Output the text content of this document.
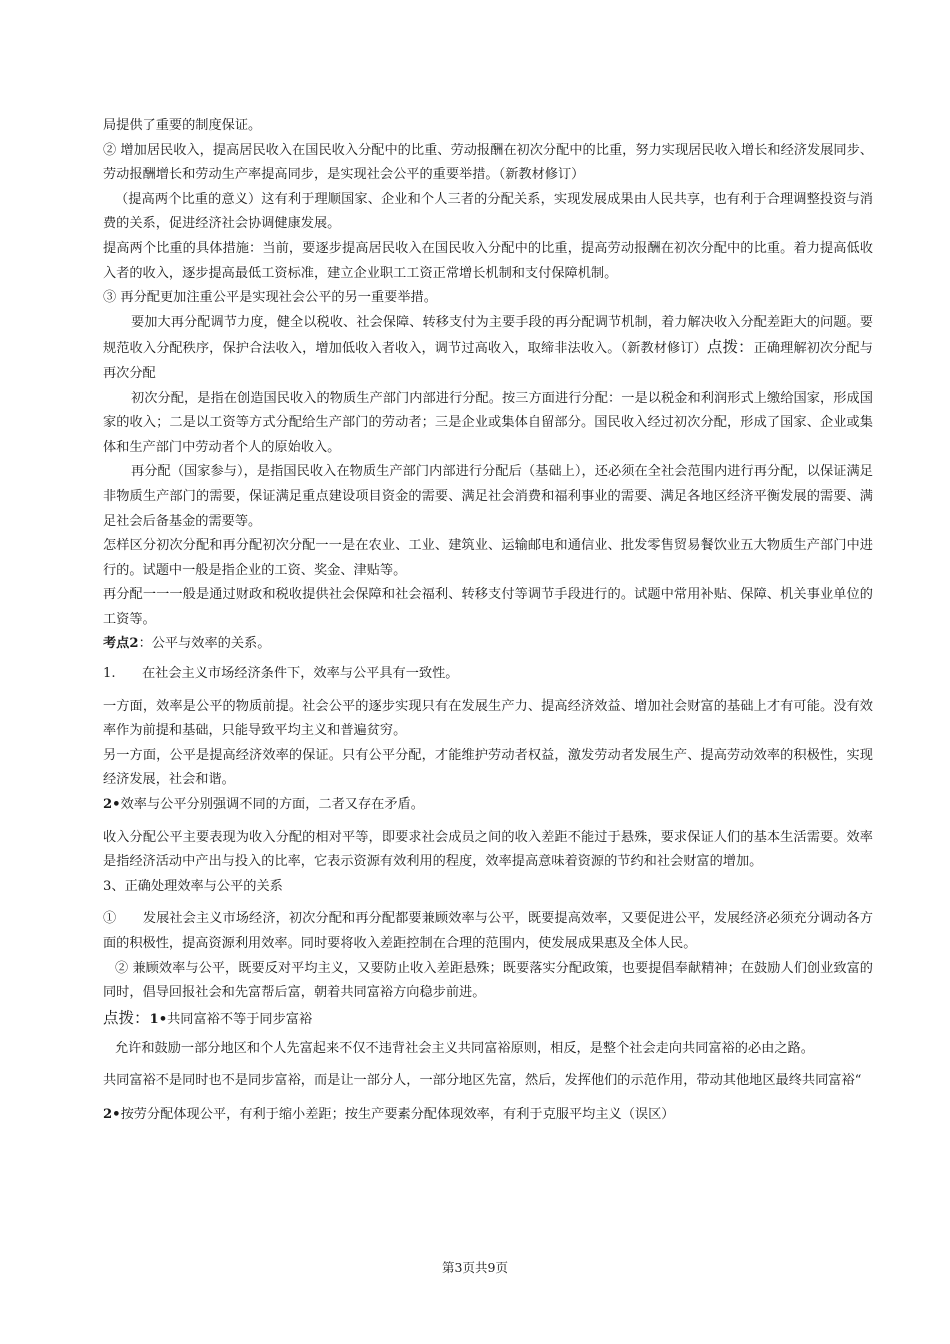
局提供了重要的制度保证。

② 增加居民收入，提高居民收入在国民收入分配中的比重、劳动报酬在初次分配中的比重，努力实现居民收入增长和经济发展同步、劳动报酬增长和劳动生产率提高同步，是实现社会公平的重要举措。（新教材修订）

（提高两个比重的意义）这有利于理顺国家、企业和个人三者的分配关系，实现发展成果由人民共享，也有利于合理调整投资与消费的关系，促进经济社会协调健康发展。

提高两个比重的具体措施：当前，要逐步提高居民收入在国民收入分配中的比重，提高劳动报酬在初次分配中的比重。着力提高低收入者的收入，逐步提高最低工资标准，建立企业职工工资正常增长机制和支付保障机制。

③ 再分配更加注重公平是实现社会公平的另一重要举措。

要加大再分配调节力度，健全以税收、社会保障、转移支付为主要手段的再分配调节机制，着力解决收入分配差距大的问题。要规范收入分配秩序，保护合法收入，增加低收入者收入，调节过高收入，取缔非法收入。（新教材修订）点拨：正确理解初次分配与再次分配

初次分配，是指在创造国民收入的物质生产部门内部进行分配。按三方面进行分配：一是以税金和利润形式上缴给国家，形成国家的收入；二是以工资等方式分配给生产部门的劳动者；三是企业或集体自留部分。国民收入经过初次分配，形成了国家、企业或集体和生产部门中劳动者个人的原始收入。

再分配（国家参与），是指国民收入在物质生产部门内部进行分配后（基础上），还必须在全社会范围内进行再分配，以保证满足非物质生产部门的需要，保证满足重点建设项目资金的需要、满足社会消费和福利事业的需要、满足各地区经济平衡发展的需要、满足社会后备基金的需要等。

怎样区分初次分配和再分配初次分配一一是在农业、工业、建筑业、运输邮电和通信业、批发零售贸易餐饮业五大物质生产部门中进行的。试题中一般是指企业的工资、奖金、津贴等。

再分配一一一般是通过财政和税收提供社会保障和社会福利、转移支付等调节手段进行的。试题中常用补贴、保障、机关事业单位的工资等。

考点2：公平与效率的关系。

1.　　在社会主义市场经济条件下，效率与公平具有一致性。

一方面，效率是公平的物质前提。社会公平的逐步实现只有在发展生产力、提高经济效益、增加社会财富的基础上才有可能。没有效率作为前提和基础，只能导致平均主义和普遍贫穷。

另一方面，公平是提高经济效率的保证。只有公平分配，才能维护劳动者权益，激发劳动者发展生产、提高劳动效率的积极性，实现经济发展，社会和谐。

2•效率与公平分别强调不同的方面，二者又存在矛盾。

收入分配公平主要表现为收入分配的相对平等，即要求社会成员之间的收入差距不能过于悬殊，要求保证人们的基本生活需要。效率是指经济活动中产出与投入的比率，它表示资源有效利用的程度，效率提高意味着资源的节约和社会财富的增加。

3、正确处理效率与公平的关系

①　　发展社会主义市场经济，初次分配和再分配都要兼顾效率与公平，既要提高效率，又要促进公平，发展经济必须充分调动各方面的积极性，提高资源利用效率。同时要将收入差距控制在合理的范围内，使发展成果惠及全体人民。

② 兼顾效率与公平，既要反对平均主义，又要防止收入差距悬殊；既要落实分配政策，也要提倡奉献精神；在鼓励人们创业致富的同时，倡导回报社会和先富帮后富，朝着共同富裕方向稳步前进。

点拨：1•共同富裕不等于同步富裕

允许和鼓励一部分地区和个人先富起来不仅不违背社会主义共同富裕原则，相反，是整个社会走向共同富裕的必由之路。

共同富裕不是同时也不是同步富裕，而是让一部分人，一部分地区先富，然后，发挥他们的示范作用，带动其他地区最终共同富裕“

2•按劳分配体现公平，有利于缩小差距；按生产要素分配体现效率，有利于克服平均主义（误区）

第3页共9页
